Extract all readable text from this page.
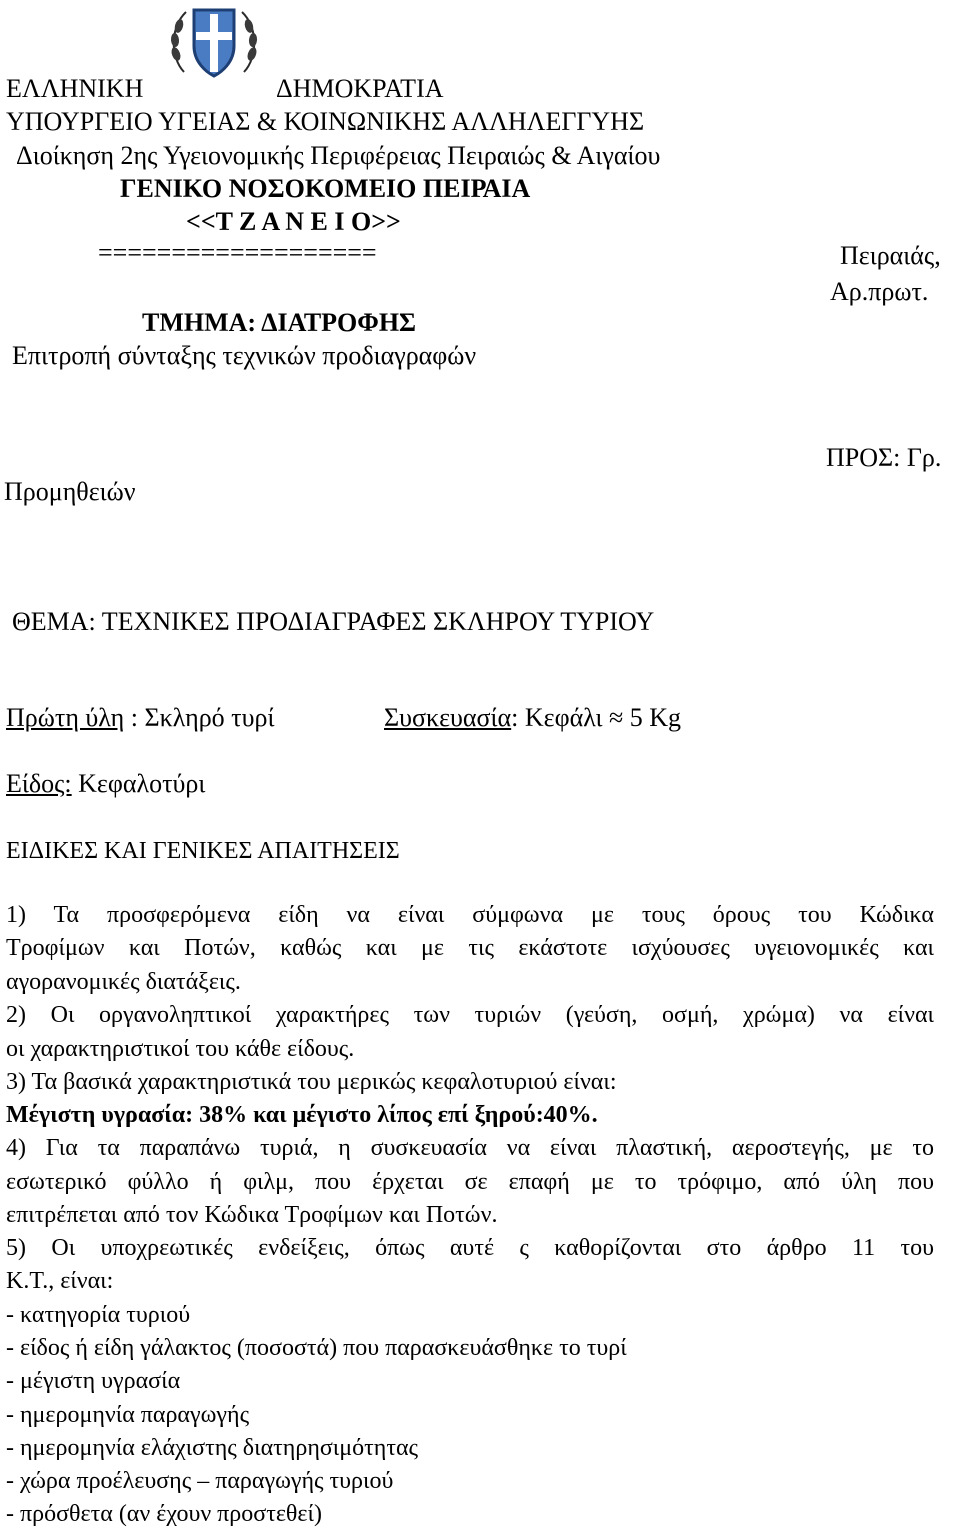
ΕΛΛΗΝΙΚΗ	ΔΗΜΟΚΡΑΤΙΑ
ΥΠΟΥΡΓΕΙΟ ΥΓΕΙΑΣ & ΚΟΙΝΩΝΙΚΗΣ ΑΛΛΗΛΕΓΓΥΗΣ
Διοίκηση 2ης Υγειονομικής Περιφέρειας Πειραιώς & Αιγαίου
ΓΕΝΙΚΟ ΝΟΣΟΚΟΜΕΙΟ ΠΕΙΡΑΙΑ
<<Τ Ζ Α Ν Ε Ι Ο>>
===================
ΤΜΗΜΑ: ΔΙΑΤΡΟΦΗΣ
Επιτροπή σύνταξης τεχνικών προδιαγραφών
Πειραιάς,
Αρ.πρωτ.
ΠΡΟΣ: Γρ.
Προμηθειών
ΘΕΜΑ: ΤΕΧΝΙΚΕΣ ΠΡΟΔΙΑΓΡΑΦΕΣ ΣΚΛΗΡΟΥ ΤΥΡΙΟΥ
Πρώτη ύλη : Σκληρό τυρί	Συσκευασία: Κεφάλι ≈ 5 Kg
Είδος: Κεφαλοτύρι
ΕΙΔΙΚΕΣ ΚΑΙ ΓΕΝΙΚΕΣ ΑΠΑΙΤΗΣΕΙΣ
1) Τα προσφερόμενα είδη να είναι σύμφωνα με τους όρους του Κώδικα
Τροφίμων και Ποτών, καθώς και με τις εκάστοτε ισχύουσες υγειονομικές και
αγορανομικές διατάξεις.
2) Οι οργανοληπτικοί χαρακτήρες των τυριών (γεύση, οσμή, χρώμα) να είναι
οι χαρακτηριστικοί του κάθε είδους.
3) Τα βασικά χαρακτηριστικά του μερικώς κεφαλοτυριού είναι:
Μέγιστη υγρασία: 38% και μέγιστο λίπος επί ξηρού:40%.
4) Για τα παραπάνω τυριά, η συσκευασία να είναι πλαστική, αεροστεγής, με το
εσωτερικό φύλλο ή φιλμ, που έρχεται σε επαφή με το τρόφιμο, από ύλη που
επιτρέπεται από τον Κώδικα Τροφίμων και Ποτών.
5) Οι υποχρεωτικές ενδείξεις, όπως αυτέ ς καθορίζονται στο άρθρο 11 του
Κ.Τ., είναι:
- κατηγορία τυριού
- είδος ή είδη γάλακτος (ποσοστά) που παρασκευάσθηκε το τυρί
- μέγιστη υγρασία
- ημερομηνία παραγωγής
- ημερομηνία ελάχιστης διατηρησιμότητας
- χώρα προέλευσης – παραγωγής τυριού
- πρόσθετα (αν έχουν προστεθεί)
